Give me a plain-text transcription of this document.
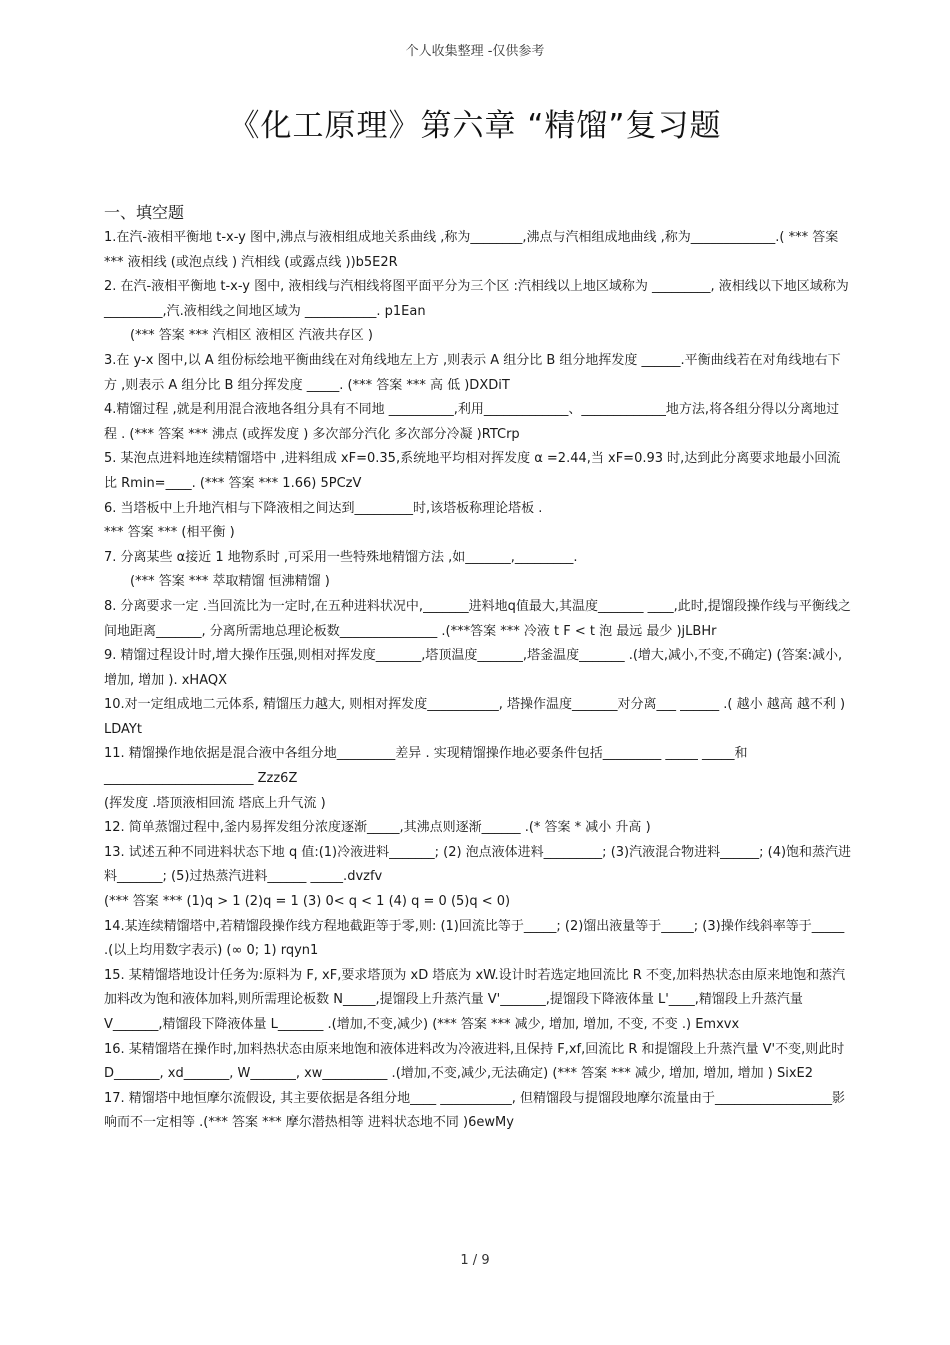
个人收集整理 -仅供参考
《化工原理》第六章 “精馏”复习题
一、填空题
1.在汽-液相平衡地 t-x-y 图中,沸点与液相组成地关系曲线 ,称为________,沸点与汽相组成地曲线 ,称为_____________.( *** 答案 *** 液相线 (或泡点线 ) 汽相线 (或露点线 ))b5E2R
2. 在汽-液相平衡地 t-x-y 图中, 液相线与汽相线将图平面平分为三个区 :汽相线以上地区域称为 _________, 液相线以下地区域称为 _________,汽.液相线之间地区域为 ___________. p1Ean
(*** 答案 *** 汽相区 液相区 汽液共存区 )
3.在 y-x 图中,以 A 组份标绘地平衡曲线在对角线地左上方 ,则表示 A 组分比 B 组分地挥发度 ______.平衡曲线若在对角线地右下方 ,则表示 A 组分比 B 组分挥发度 _____. (*** 答案 *** 高 低 )DXDiT
4.精馏过程 ,就是利用混合液地各组分具有不同地 __________,利用_____________、_____________地方法,将各组分得以分离地过程 . (*** 答案 *** 沸点 (或挥发度 ) 多次部分汽化 多次部分冷凝 )RTCrp
5. 某泡点进料地连续精馏塔中 ,进料组成 xF=0.35,系统地平均相对挥发度 α =2.44,当 xF=0.93 时,达到此分离要求地最小回流比 Rmin=____. (*** 答案 *** 1.66) 5PCzV
6. 当塔板中上升地汽相与下降液相之间达到_________时,该塔板称理论塔板 .
*** 答案 *** (相平衡 )
7. 分离某些 α接近 1 地物系时 ,可采用一些特殊地精馏方法 ,如_______,_________.
(*** 答案 *** 萃取精馏 恒沸精馏 )
8. 分离要求一定 .当回流比为一定时,在五种进料状况中,_______进料地q值最大,其温度_______ ____,此时,提馏段操作线与平衡线之间地距离_______, 分离所需地总理论板数_______________ .(***答案 *** 冷液 t F < t 泡 最远 最少 )jLBHr
9. 精馏过程设计时,增大操作压强,则相对挥发度_______,塔顶温度_______,塔釜温度_______ .(增大,减小,不变,不确定) (答案:减小, 增加, 增加 ). xHAQX
10.对一定组成地二元体系, 精馏压力越大, 则相对挥发度___________, 塔操作温度_______对分离___ ______ .( 越小 越高 越不利 ) LDAYt
11. 精馏操作地依据是混合液中各组分地_________差异 . 实现精馏操作地必要条件包括_________ _____ _____和_______________________ Zzz6Z
(挥发度 .塔顶液相回流 塔底上升气流 )
12. 简单蒸馏过程中,釜内易挥发组分浓度逐渐_____,其沸点则逐渐______ .(* 答案 * 减小 升高 )
13. 试述五种不同进料状态下地 q 值:(1)冷液进料_______; (2) 泡点液体进料_________; (3)汽液混合物进料______; (4)饱和蒸汽进料_______; (5)过热蒸汽进料______ _____.dvzfv
(*** 答案 *** (1)q > 1 (2)q = 1 (3) 0< q < 1 (4) q = 0 (5)q < 0)
14.某连续精馏塔中,若精馏段操作线方程地截距等于零,则: (1)回流比等于_____; (2)馏出液量等于_____; (3)操作线斜率等于_____ .(以上均用数字表示) (∞ 0; 1) rqyn1
15. 某精馏塔地设计任务为:原料为 F, xF,要求塔顶为 xD 塔底为 xW.设计时若选定地回流比 R 不变,加料热状态由原来地饱和蒸汽加料改为饱和液体加料,则所需理论板数 N_____,提馏段上升蒸汽量 V'_______,提馏段下降液体量 L'____,精馏段上升蒸汽量 V_______,精馏段下降液体量 L_______ .(增加,不变,减少) (*** 答案 *** 减少, 增加, 增加, 不变, 不变 .) Emxvx
16. 某精馏塔在操作时,加料热状态由原来地饱和液体进料改为冷液进料,且保持 F,xf,回流比 R 和提馏段上升蒸汽量 V'不变,则此时 D_______, xd_______, W_______, xw__________ .(增加,不变,减少,无法确定) (*** 答案 *** 减少, 增加, 增加, 增加 ) SixE2
17. 精馏塔中地恒摩尔流假设, 其主要依据是各组分地____ ___________, 但精馏段与提馏段地摩尔流量由于__________________影响而不一定相等 .(*** 答案 *** 摩尔潜热相等 进料状态地不同 )6ewMy
1 / 9
